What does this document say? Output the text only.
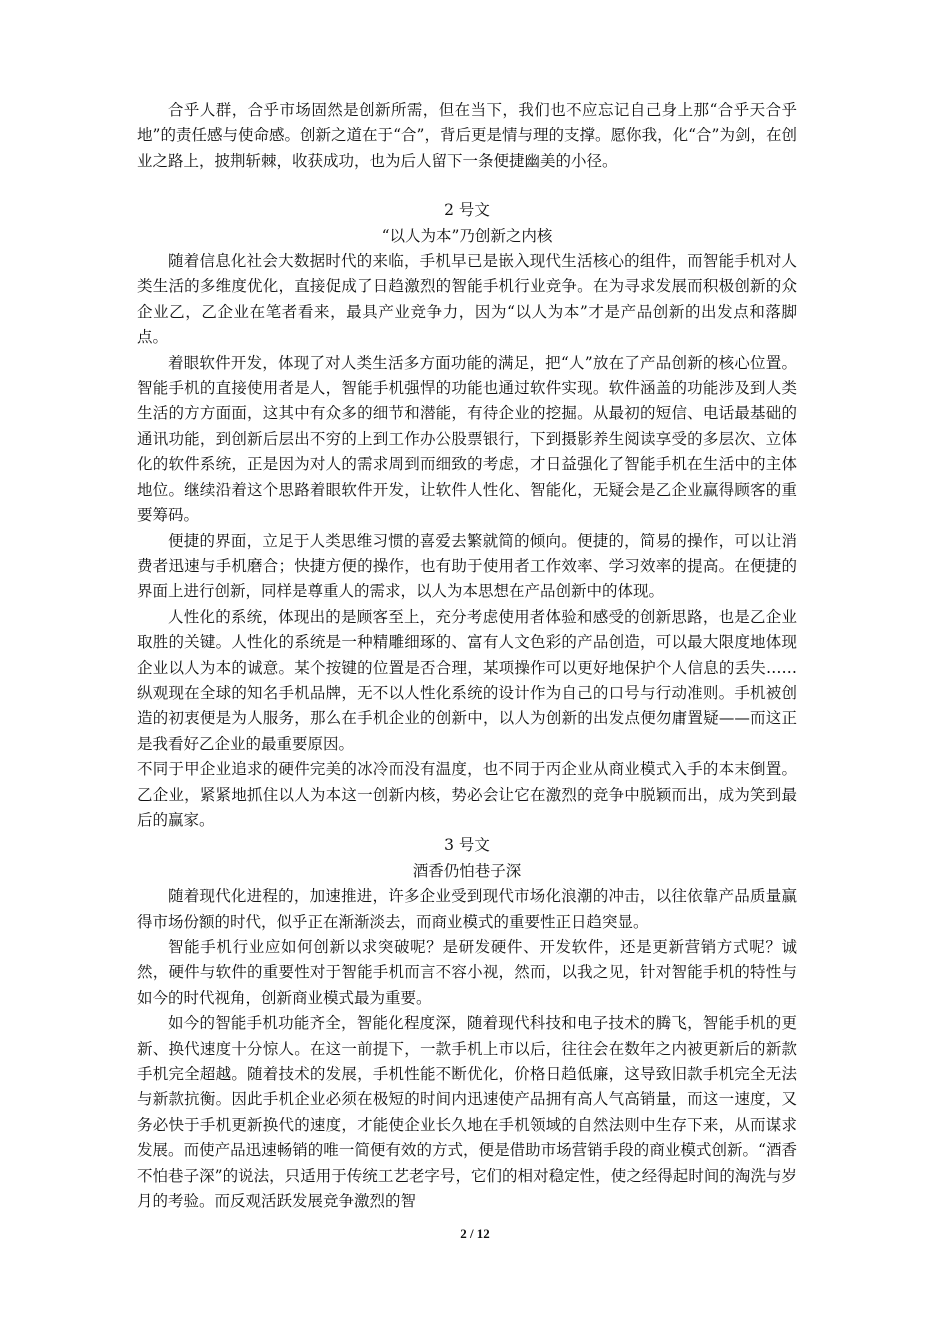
合乎人群，合乎市场固然是创新所需，但在当下，我们也不应忘记自己身上那“合乎天合乎地”的责任感与使命感。创新之道在于“合”，背后更是情与理的支撑。愿你我，化“合”为剑，在创业之路上，披荆斩棘，收获成功，也为后人留下一条便捷幽美的小径。

2 号文

“以人为本”乃创新之内核

随着信息化社会大数据时代的来临，手机早已是嵌入现代生活核心的组件，而智能手机对人类生活的多维度优化，直接促成了日趋激烈的智能手机行业竞争。在为寻求发展而积极创新的众企业乙，乙企业在笔者看来，最具产业竞争力，因为“以人为本”才是产品创新的出发点和落脚点。

着眼软件开发，体现了对人类生活多方面功能的满足，把“人”放在了产品创新的核心位置。智能手机的直接使用者是人，智能手机强悍的功能也通过软件实现。软件涵盖的功能涉及到人类生活的方方面面，这其中有众多的细节和潜能，有待企业的挖掘。从最初的短信、电话最基础的通讯功能，到创新后层出不穷的上到工作办公股票银行，下到摄影养生阅读享受的多层次、立体化的软件系统，正是因为对人的需求周到而细致的考虑，才日益强化了智能手机在生活中的主体地位。继续沿着这个思路着眼软件开发，让软件人性化、智能化，无疑会是乙企业赢得顾客的重要筹码。

便捷的界面，立足于人类思维习惯的喜爱去繁就简的倾向。便捷的，简易的操作，可以让消费者迅速与手机磨合；快捷方便的操作，也有助于使用者工作效率、学习效率的提高。在便捷的界面上进行创新，同样是尊重人的需求，以人为本思想在产品创新中的体现。

人性化的系统，体现出的是顾客至上，充分考虑使用者体验和感受的创新思路，也是乙企业取胜的关键。人性化的系统是一种精雕细琢的、富有人文色彩的产品创造，可以最大限度地体现企业以人为本的诚意。某个按键的位置是否合理，某项操作可以更好地保护个人信息的丢失……纵观现在全球的知名手机品牌，无不以人性化系统的设计作为自己的口号与行动准则。手机被创造的初衷便是为人服务，那么在手机企业的创新中，以人为创新的出发点便勿庸置疑——而这正是我看好乙企业的最重要原因。

不同于甲企业追求的硬件完美的冰冷而没有温度，也不同于丙企业从商业模式入手的本末倒置。乙企业，紧紧地抓住以人为本这一创新内核，势必会让它在激烈的竞争中脱颖而出，成为笑到最后的赢家。

3 号文

酒香仍怕巷子深

随着现代化进程的，加速推进，许多企业受到现代市场化浪潮的冲击，以往依靠产品质量赢得市场份额的时代，似乎正在渐渐淡去，而商业模式的重要性正日趋突显。

智能手机行业应如何创新以求突破呢？是研发硬件、开发软件，还是更新营销方式呢？诚然，硬件与软件的重要性对于智能手机而言不容小视，然而，以我之见，针对智能手机的特性与如今的时代视角，创新商业模式最为重要。

如今的智能手机功能齐全，智能化程度深，随着现代科技和电子技术的腾飞，智能手机的更新、换代速度十分惊人。在这一前提下，一款手机上市以后，往往会在数年之内被更新后的新款手机完全超越。随着技术的发展，手机性能不断优化，价格日趋低廉，这导致旧款手机完全无法与新款抗衡。因此手机企业必须在极短的时间内迅速使产品拥有高人气高销量，而这一速度，又务必快于手机更新换代的速度，才能使企业长久地在手机领域的自然法则中生存下来，从而谋求发展。而使产品迅速畅销的唯一简便有效的方式，便是借助市场营销手段的商业模式创新。“酒香不怕巷子深”的说法，只适用于传统工艺老字号，它们的相对稳定性，使之经得起时间的淘洗与岁月的考验。而反观活跃发展竞争激烈的智

2 / 12
